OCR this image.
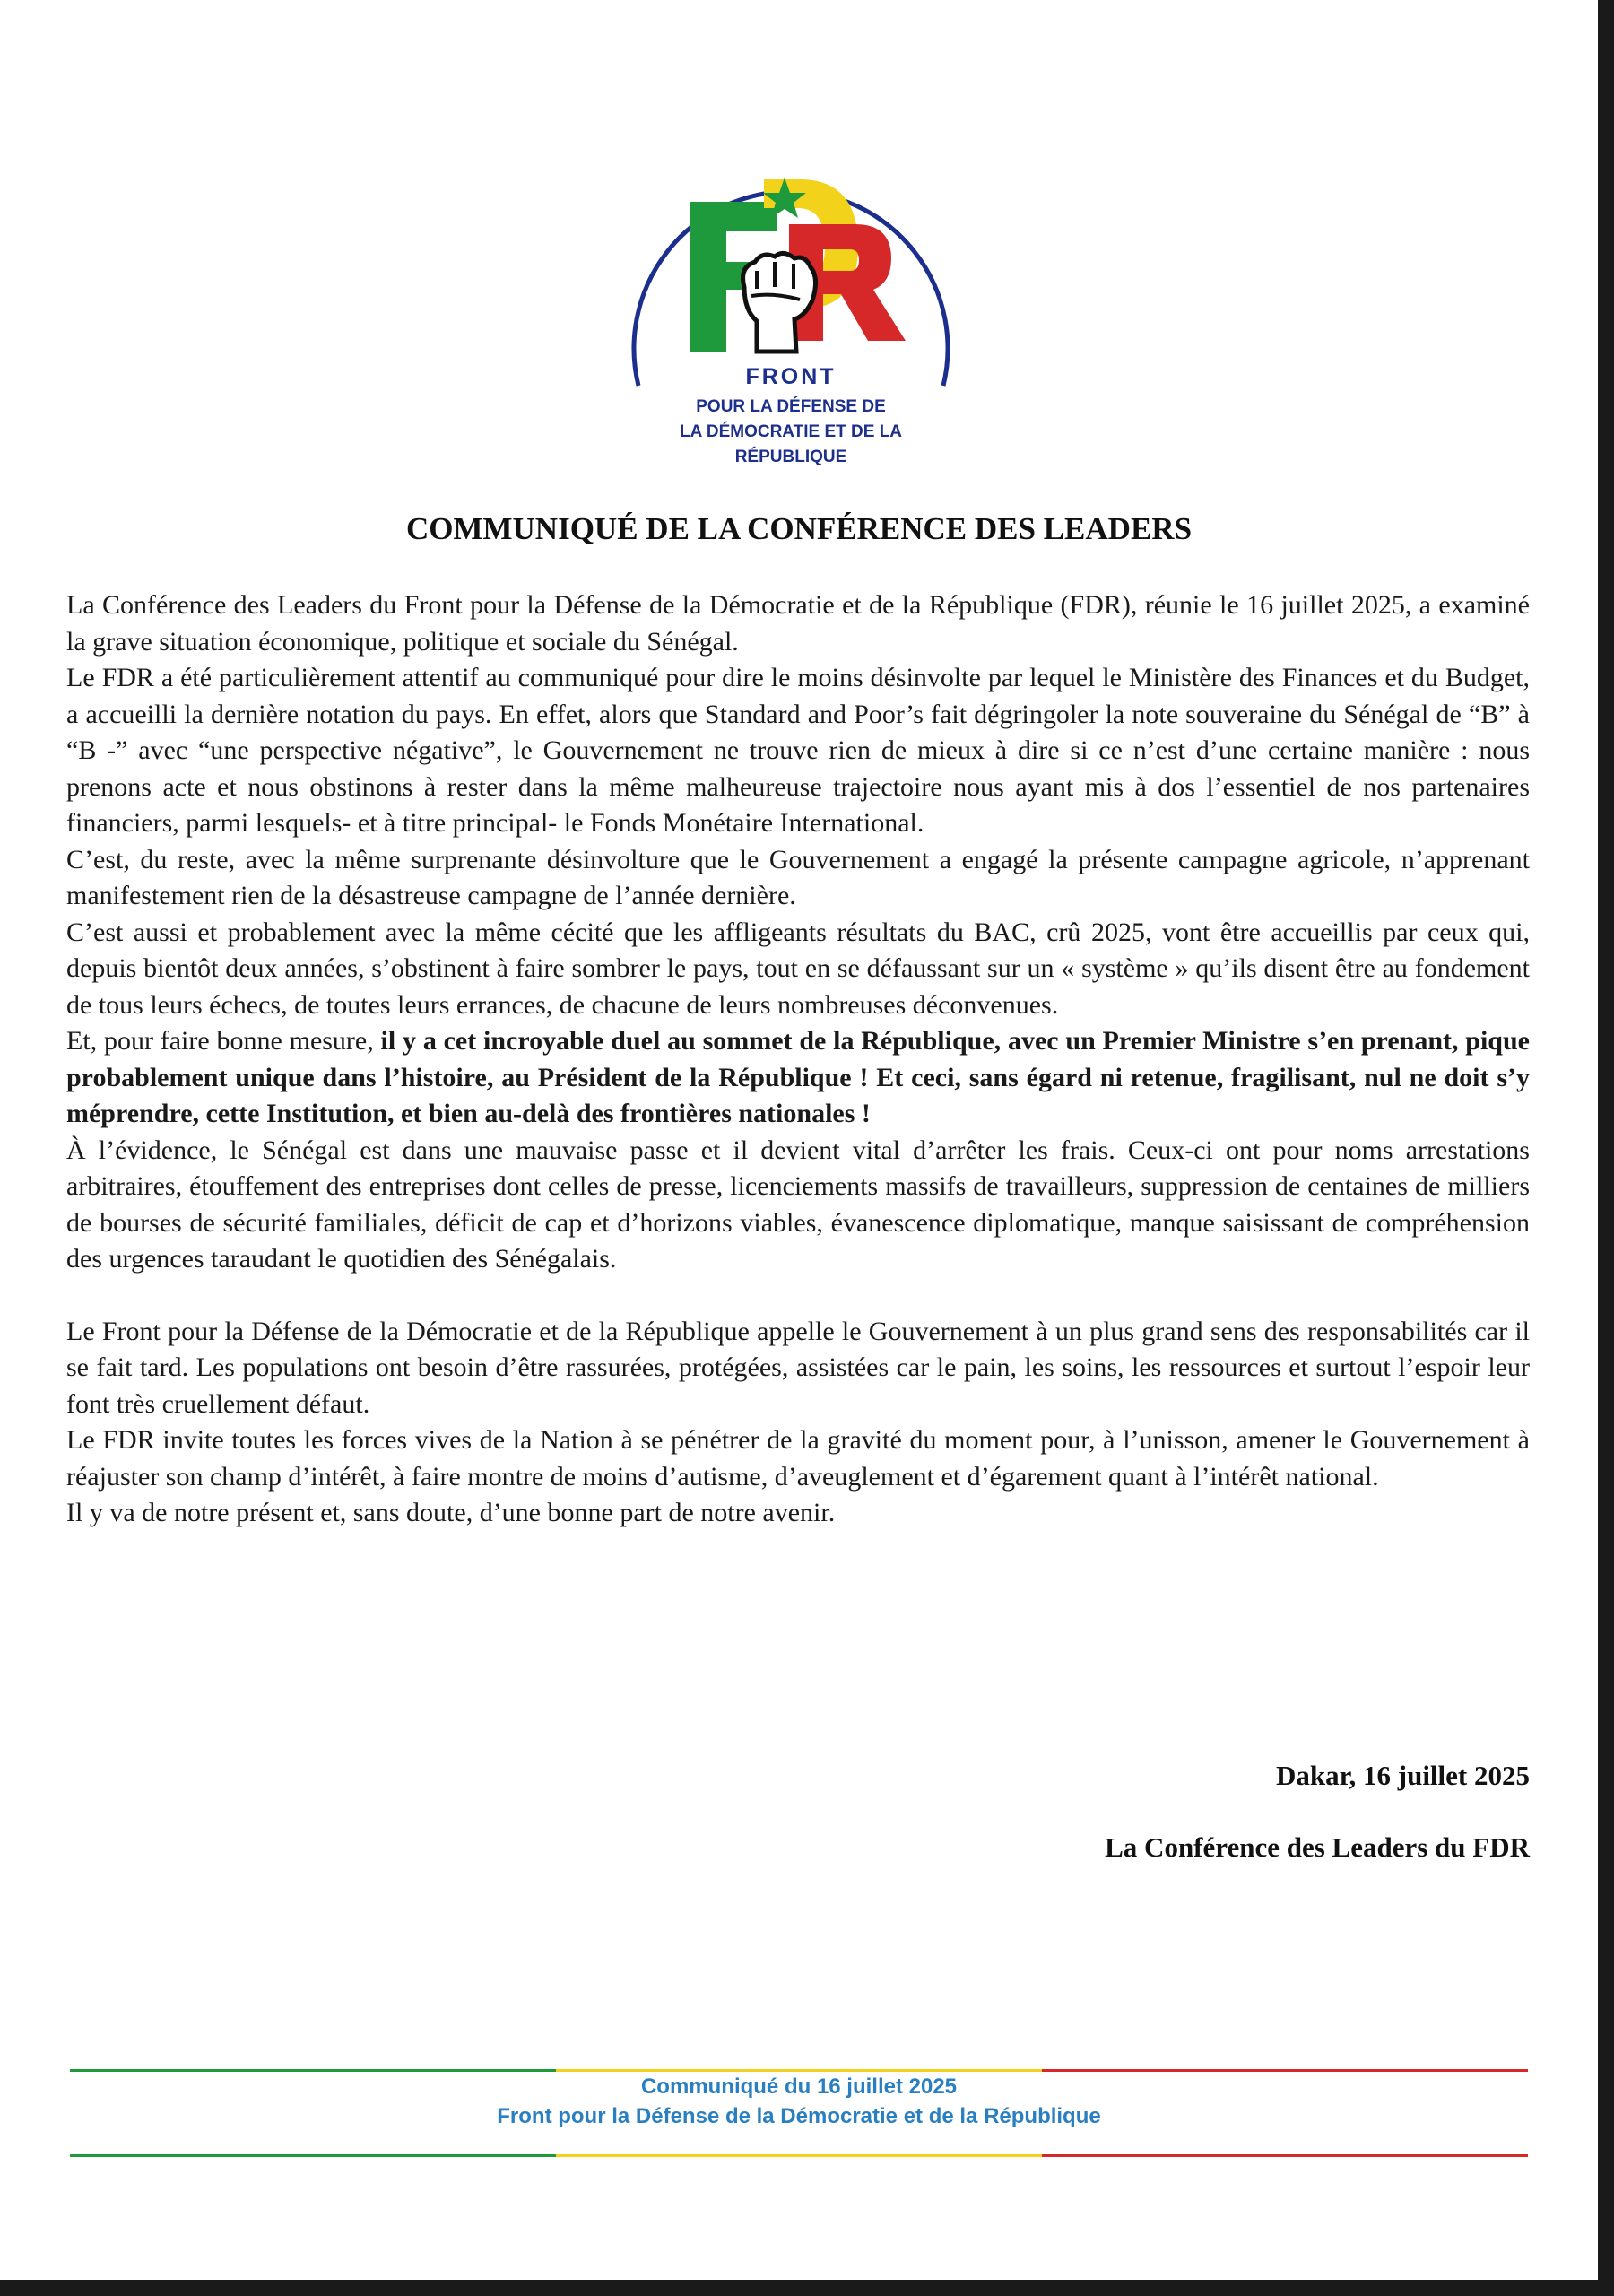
FRONT
POUR LA DÉFENSE DE
LA DÉMOCRATIE ET DE LA
RÉPUBLIQUE
COMMUNIQUÉ DE LA CONFÉRENCE DES LEADERS

La Conférence des Leaders du Front pour la Défense de la Démocratie et de la République (FDR), réunie le 16 juillet 2025, a examiné la grave situation économique, politique et sociale du Sénégal.

Le FDR a été particulièrement attentif au communiqué pour dire le moins désinvolte par lequel le Ministère des Finances et du Budget, a accueilli la dernière notation du pays. En effet, alors que Standard and Poor’s fait dégringoler la note souveraine du Sénégal de “B” à “B -” avec “une perspective négative”, le Gouvernement ne trouve rien de mieux à dire si ce n’est d’une certaine manière : nous prenons acte et nous obstinons à rester dans la même malheureuse trajectoire nous ayant mis à dos l’essentiel de nos partenaires financiers, parmi lesquels- et à titre principal- le Fonds Monétaire International.

C’est, du reste, avec la même surprenante désinvolture que le Gouvernement a engagé la présente campagne agricole, n’apprenant manifestement rien de la désastreuse campagne de l’année dernière.

C’est aussi et probablement avec la même cécité que les affligeants résultats du BAC, crû 2025, vont être accueillis par ceux qui, depuis bientôt deux années, s’obstinent à faire sombrer le pays, tout en se défaussant sur un « système » qu’ils disent être au fondement de tous leurs échecs, de toutes leurs errances, de chacune de leurs nombreuses déconvenues.

Et, pour faire bonne mesure, il y a cet incroyable duel au sommet de la République, avec un Premier Ministre s’en prenant, pique probablement unique dans l’histoire, au Président de la République ! Et ceci, sans égard ni retenue, fragilisant, nul ne doit s’y méprendre, cette Institution, et bien au-delà des frontières nationales !

À l’évidence, le Sénégal est dans une mauvaise passe et il devient vital d’arrêter les frais. Ceux-ci ont pour noms arrestations arbitraires, étouffement des entreprises dont celles de presse, licenciements massifs de travailleurs, suppression de centaines de milliers de bourses de sécurité familiales, déficit de cap et d’horizons viables, évanescence diplomatique, manque saisissant de compréhension des urgences taraudant le quotidien des Sénégalais.

Le Front pour la Défense de la Démocratie et de la République appelle le Gouvernement à un plus grand sens des responsabilités car il se fait tard. Les populations ont besoin d’être rassurées, protégées, assistées car le pain, les soins, les ressources et surtout l’espoir leur font très cruellement défaut.

Le FDR invite toutes les forces vives de la Nation à se pénétrer de la gravité du moment pour, à l’unisson, amener le Gouvernement à réajuster son champ d’intérêt, à faire montre de moins d’autisme, d’aveuglement et d’égarement quant à l’intérêt national.

Il y va de notre présent et, sans doute, d’une bonne part de notre avenir.

Dakar, 16 juillet 2025
La Conférence des Leaders du FDR
Communiqué du 16 juillet 2025
Front pour la Défense de la Démocratie et de la République
